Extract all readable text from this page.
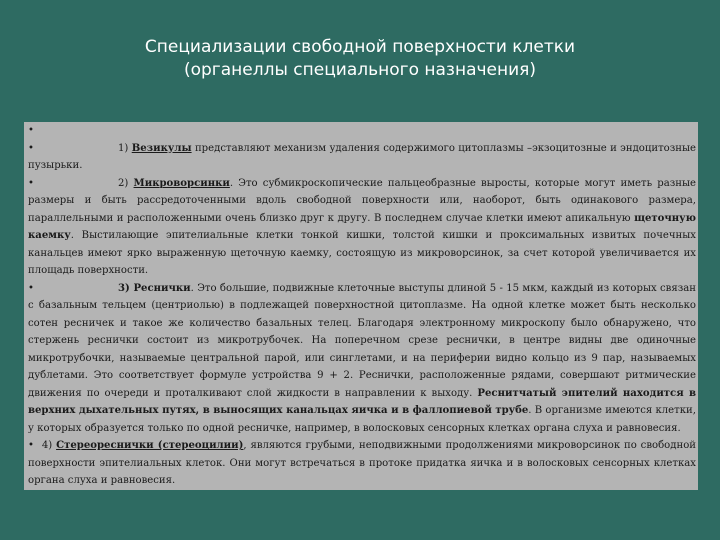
Специализации свободной поверхности клетки
(органеллы специального назначения)

•

•	1) Везикулы представляют механизм удаления содержимого цитоплазмы –экзоцитозные и эндоцитозные пузырьки.

•	2) Микроворсинки. Это субмикроскопические пальцеобразные выросты, которые могут иметь разные размеры и быть рассредоточенными вдоль свободной поверхности или, наоборот, быть одинакового размера, параллельными и расположенными очень близко друг к другу. В последнем случае клетки имеют апикальную щеточную каемку. Выстилающие эпителиальные клетки тонкой кишки, толстой кишки и проксимальных извитых почечных канальцев имеют ярко выраженную щеточную каемку, состоящую из микроворсинок, за счет которой увеличивается их площадь поверхности.

•	3) Реснички. Это большие, подвижные клеточные выступы длиной 5 - 15 мкм, каждый из которых связан с базальным тельцем (центриолью) в подлежащей поверхностной цитоплазме. На одной клетке может быть несколько сотен ресничек и такое же количество базальных телец. Благодаря электронному микроскопу было обнаружено, что стержень реснички состоит из микротрубочек. На поперечном срезе реснички, в центре видны две одиночные микротрубочки, называемые центральной парой, или синглетами, и на периферии видно кольцо из 9 пар, называемых дублетами. Это соответствует формуле устройства 9 + 2. Реснички, расположенные рядами, совершают ритмические движения по очереди и проталкивают слой жидкости в направлении к выходу. Реснитчатый эпителий находится в верхних дыхательных путях, в выносящих канальцах яичка и в фаллопиевой трубе. В организме имеются клетки, у которых образуется только по одной ресничке, например, в волосковых сенсорных клетках органа слуха и равновесия.

• 4) Стереореснички (стереоцилии), являются грубыми, неподвижными продолжениями микроворсинок по свободной поверхности эпителиальных клеток. Они могут встречаться в протоке придатка яичка и в волосковых сенсорных клетках органа слуха и равновесия.
